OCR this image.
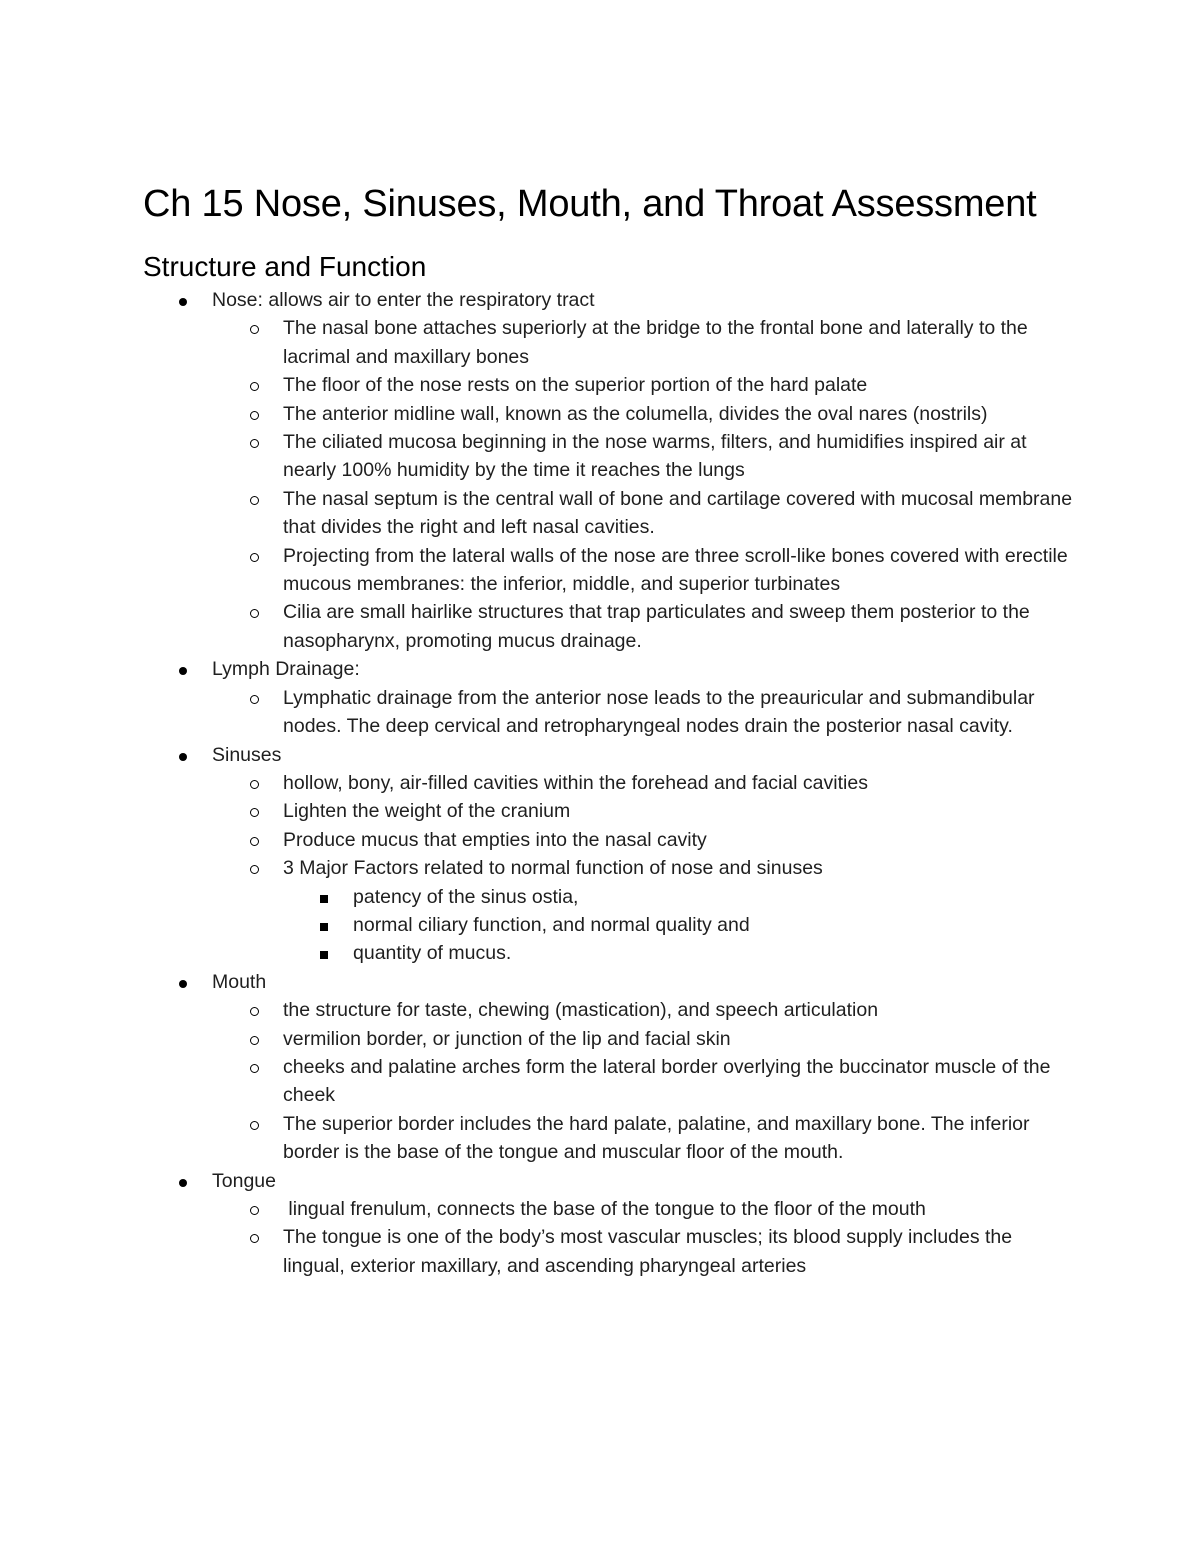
Ch 15 Nose, Sinuses, Mouth, and Throat Assessment
Structure and Function
Nose: allows air to enter the respiratory tract
The nasal bone attaches superiorly at the bridge to the frontal bone and laterally to the lacrimal and maxillary bones
The floor of the nose rests on the superior portion of the hard palate
The anterior midline wall, known as the columella, divides the oval nares (nostrils)
The ciliated mucosa beginning in the nose warms, filters, and humidifies inspired air at nearly 100% humidity by the time it reaches the lungs
The nasal septum is the central wall of bone and cartilage covered with mucosal membrane that divides the right and left nasal cavities.
Projecting from the lateral walls of the nose are three scroll-like bones covered with erectile mucous membranes: the inferior, middle, and superior turbinates
Cilia are small hairlike structures that trap particulates and sweep them posterior to the nasopharynx, promoting mucus drainage.
Lymph Drainage:
Lymphatic drainage from the anterior nose leads to the preauricular and submandibular nodes. The deep cervical and retropharyngeal nodes drain the posterior nasal cavity.
Sinuses
hollow, bony, air-filled cavities within the forehead and facial cavities
Lighten the weight of the cranium
Produce mucus that empties into the nasal cavity
3 Major Factors related to normal function of nose and sinuses
patency of the sinus ostia,
normal ciliary function, and normal quality and
quantity of mucus.
Mouth
the structure for taste, chewing (mastication), and speech articulation
vermilion border, or junction of the lip and facial skin
cheeks and palatine arches form the lateral border overlying the buccinator muscle of the cheek
The superior border includes the hard palate, palatine, and maxillary bone. The inferior border is the base of the tongue and muscular floor of the mouth.
Tongue
lingual frenulum, connects the base of the tongue to the floor of the mouth
The tongue is one of the body’s most vascular muscles; its blood supply includes the lingual, exterior maxillary, and ascending pharyngeal arteries
